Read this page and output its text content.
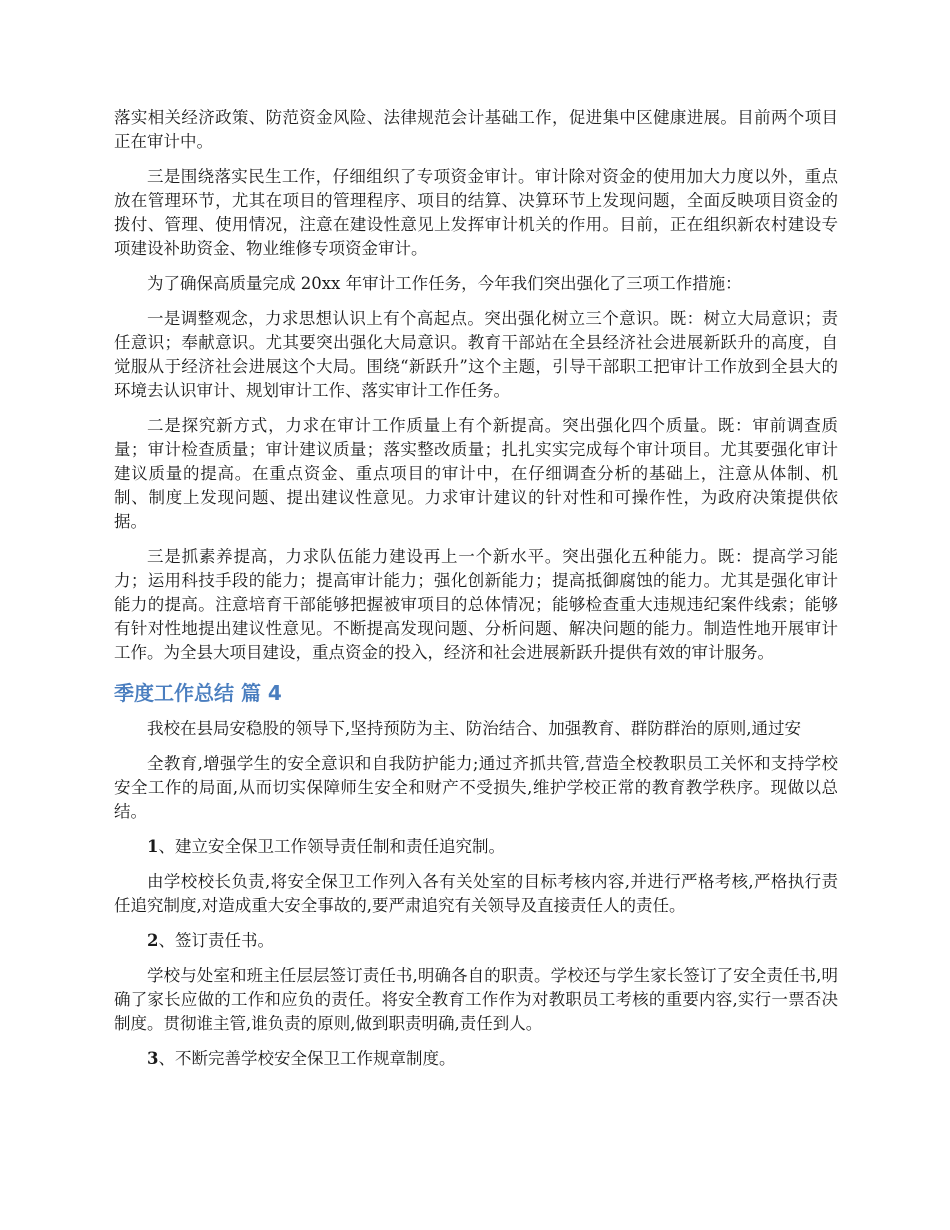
落实相关经济政策、防范资金风险、法律规范会计基础工作，促进集中区健康进展。目前两个项目正在审计中。

三是围绕落实民生工作，仔细组织了专项资金审计。审计除对资金的使用加大力度以外，重点放在管理环节，尤其在项目的管理程序、项目的结算、决算环节上发现问题，全面反映项目资金的拨付、管理、使用情况，注意在建设性意见上发挥审计机关的作用。目前，正在组织新农村建设专项建设补助资金、物业维修专项资金审计。

为了确保高质量完成 20xx 年审计工作任务，今年我们突出强化了三项工作措施：

一是调整观念，力求思想认识上有个高起点。突出强化树立三个意识。既：树立大局意识；责任意识；奉献意识。尤其要突出强化大局意识。教育干部站在全县经济社会进展新跃升的高度，自觉服从于经济社会进展这个大局。围绕“新跃升”这个主题，引导干部职工把审计工作放到全县大的环境去认识审计、规划审计工作、落实审计工作任务。

二是探究新方式，力求在审计工作质量上有个新提高。突出强化四个质量。既：审前调查质量；审计检查质量；审计建议质量；落实整改质量；扎扎实实完成每个审计项目。尤其要强化审计建议质量的提高。在重点资金、重点项目的审计中，在仔细调查分析的基础上，注意从体制、机制、制度上发现问题、提出建议性意见。力求审计建议的针对性和可操作性，为政府决策提供依据。

三是抓素养提高，力求队伍能力建设再上一个新水平。突出强化五种能力。既：提高学习能力；运用科技手段的能力；提高审计能力；强化创新能力；提高抵御腐蚀的能力。尤其是强化审计能力的提高。注意培育干部能够把握被审项目的总体情况；能够检查重大违规违纪案件线索；能够有针对性地提出建议性意见。不断提高发现问题、分析问题、解决问题的能力。制造性地开展审计工作。为全县大项目建设，重点资金的投入，经济和社会进展新跃升提供有效的审计服务。

季度工作总结 篇 4

我校在县局安稳股的领导下,坚持预防为主、防治结合、加强教育、群防群治的原则,通过安

全教育,增强学生的安全意识和自我防护能力;通过齐抓共管,营造全校教职员工关怀和支持学校安全工作的局面,从而切实保障师生安全和财产不受损失,维护学校正常的教育教学秩序。现做以总结。

1、建立安全保卫工作领导责任制和责任追究制。

由学校校长负责,将安全保卫工作列入各有关处室的目标考核内容,并进行严格考核,严格执行责任追究制度,对造成重大安全事故的,要严肃追究有关领导及直接责任人的责任。

2、签订责任书。

学校与处室和班主任层层签订责任书,明确各自的职责。学校还与学生家长签订了安全责任书,明确了家长应做的工作和应负的责任。将安全教育工作作为对教职员工考核的重要内容,实行一票否决制度。贯彻谁主管,谁负责的原则,做到职责明确,责任到人。

3、不断完善学校安全保卫工作规章制度。
